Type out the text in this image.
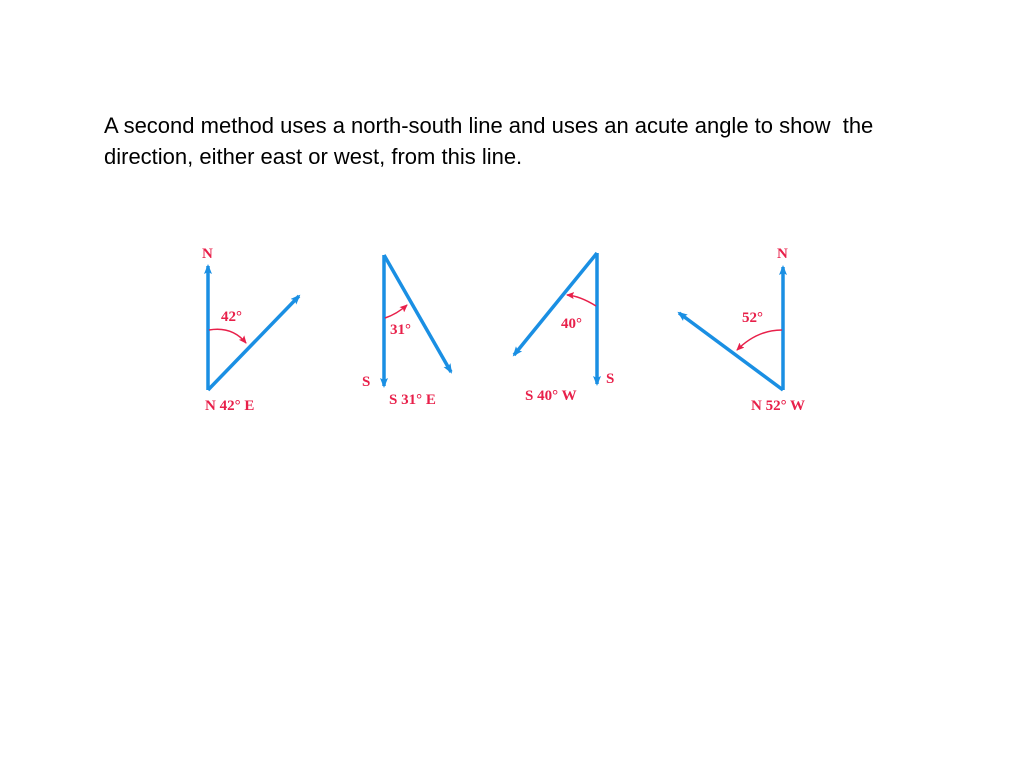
A second method uses a north-south line and uses an acute angle to show  the direction, either east or west, from this line.

N
42°
N 42° E
S
31°
S 31° E
S
40°
S 40° W
N
52°
N 52° W
